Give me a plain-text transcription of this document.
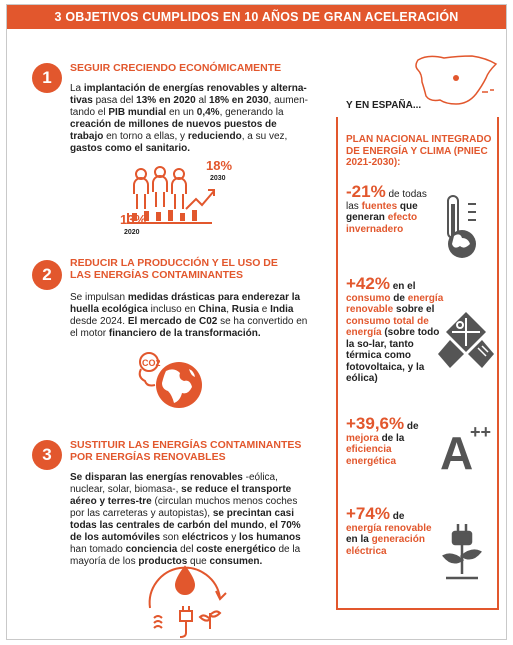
3 OBJETIVOS CUMPLIDOS EN 10 AÑOS DE GRAN ACELERACIÓN
1	SEGUIR CRECIENDO ECONÓMICAMENTE
La implantación de energías renovables y alterna-tivas pasa del 13% en 2020 al 18% en 2030, aumen-tando el PIB mundial en un 0,4%, generando la creación de millones de nuevos puestos de trabajo en torno a ellas, y reduciendo, a su vez, gastos como el sanitario.
13%
2020
18%
2030
2
REDUCIR LA PRODUCCIÓN Y EL USO DE LAS ENERGÍAS CONTAMINANTES
Se impulsan medidas drásticas para enderezar la huella ecológica incluso en China, Rusia e India desde 2024. El mercado de C02 se ha convertido en el motor financiero de la transformación.
CO2
3	SUSTITUIR LAS ENERGÍAS CONTAMINANTES POR ENERGÍAS RENOVABLES
Se disparan las energías renovables -eólica, nuclear, solar, biomasa-, se reduce el transporte aéreo y terres-tre (circulan muchos menos coches por las carreteras y autopistas), se precintan casi todas las centrales de carbón del mundo, el 70% de los automóviles son eléctricos y los humanos han tomado conciencia del coste energético de la mayoría de los productos que consumen.
Y EN ESPAÑA...
PLAN NACIONAL INTEGRADO DE ENERGÍA Y CLIMA (PNIEC 2021-2030):
-21% de todas las fuentes que generan efecto invernadero
+42% en el consumo de energía renovable sobre el consumo total de energía (sobre todo la so-lar, tanto térmica como fotovoltaica, y la eólica)
+39,6% de mejora de la eficiencia energética A
++
+74% de energía renovable en la generación eléctrica
